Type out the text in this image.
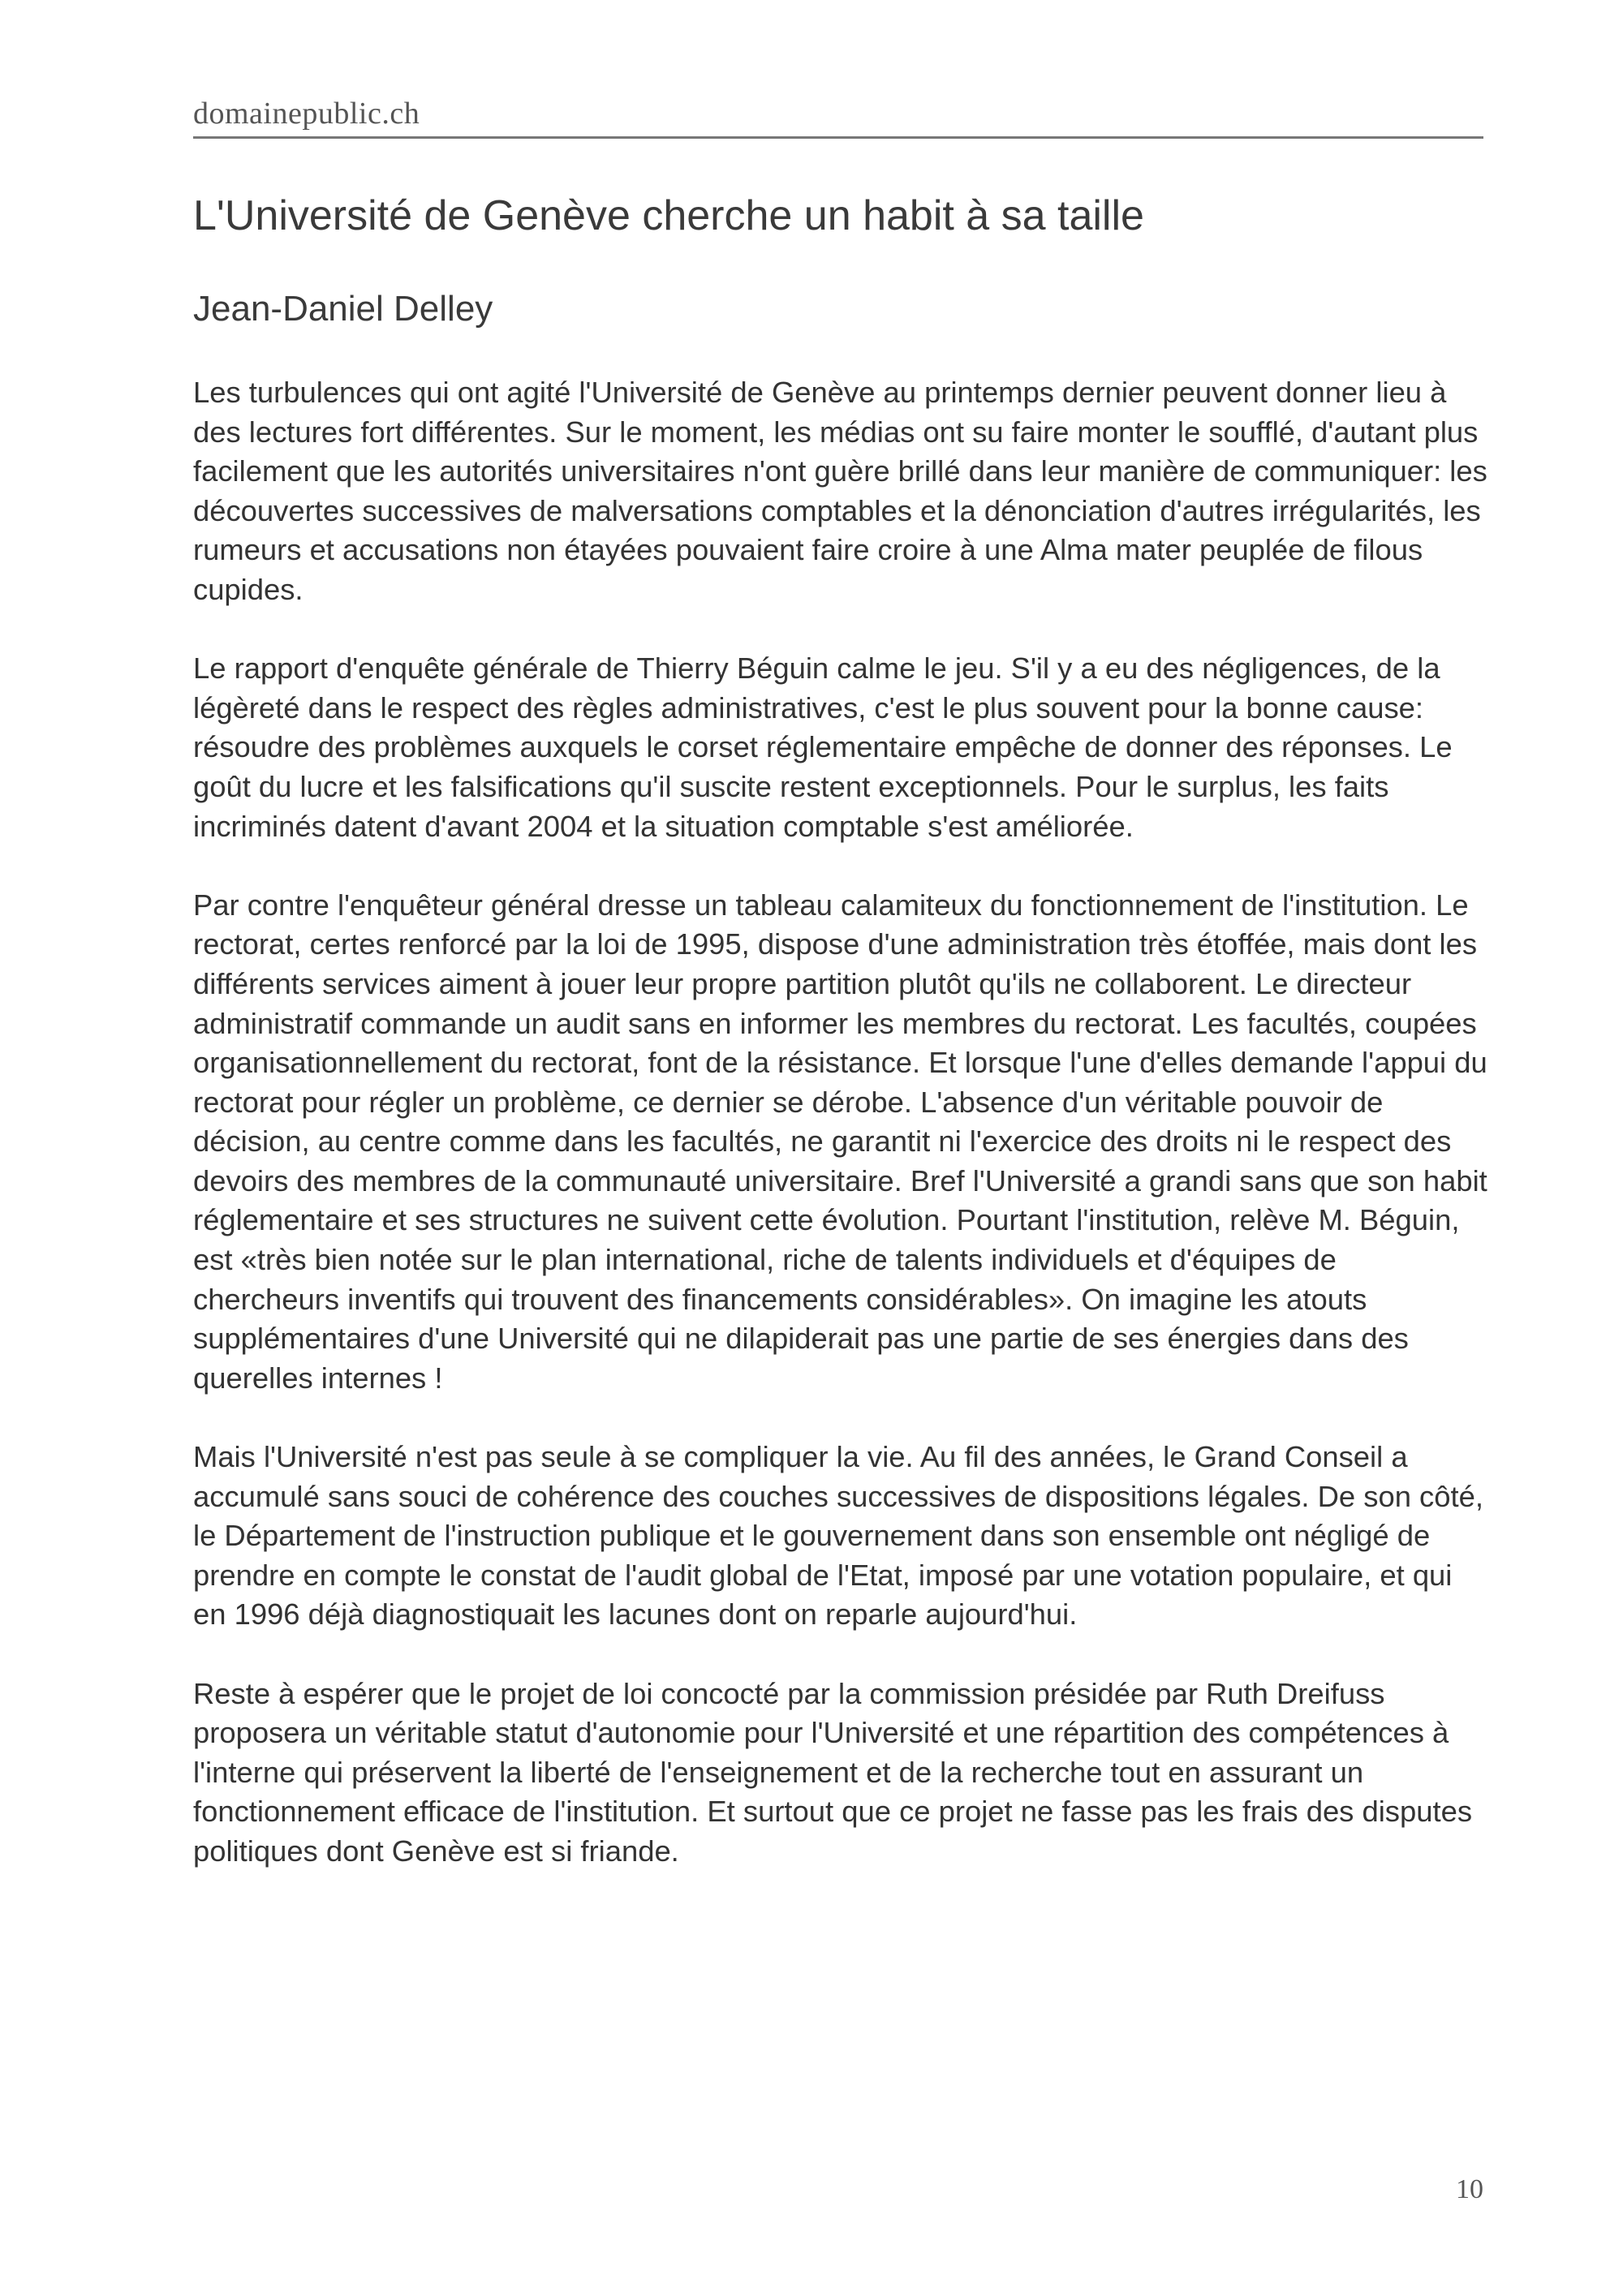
domainepublic.ch
L'Université de Genève cherche un habit à sa taille
Jean-Daniel Delley

Les turbulences qui ont agité l'Université de Genève au printemps dernier peuvent donner lieu à des lectures fort différentes. Sur le moment, les médias ont su faire monter le soufflé, d'autant plus facilement que les autorités universitaires n'ont guère brillé dans leur manière de communiquer: les découvertes successives de malversations comptables et la dénonciation d'autres irrégularités, les rumeurs et accusations non étayées pouvaient faire croire à une Alma mater peuplée de filous cupides.

Le rapport d'enquête générale de Thierry Béguin calme le jeu. S'il y a eu des négligences, de la légèreté dans le respect des règles administratives, c'est le plus souvent pour la bonne cause: résoudre des problèmes auxquels le corset réglementaire empêche de donner des réponses. Le goût du lucre et les falsifications qu'il suscite restent exceptionnels. Pour le surplus, les faits incriminés datent d'avant 2004 et la situation comptable s'est améliorée.

Par contre l'enquêteur général dresse un tableau calamiteux du fonctionnement de l'institution. Le rectorat, certes renforcé par la loi de 1995, dispose d'une administration très étoffée, mais dont les différents services aiment à jouer leur propre partition plutôt qu'ils ne collaborent. Le directeur administratif commande un audit sans en informer les membres du rectorat. Les facultés, coupées organisationnellement du rectorat, font de la résistance. Et lorsque l'une d'elles demande l'appui du rectorat pour régler un problème, ce dernier se dérobe. L'absence d'un véritable pouvoir de décision, au centre comme dans les facultés, ne garantit ni l'exercice des droits ni le respect des devoirs des membres de la communauté universitaire. Bref l'Université a grandi sans que son habit réglementaire et ses structures ne suivent cette évolution. Pourtant l'institution, relève M. Béguin, est «très bien notée sur le plan international, riche de talents individuels et d'équipes de chercheurs inventifs qui trouvent des financements considérables». On imagine les atouts supplémentaires d'une Université qui ne dilapiderait pas une partie de ses énergies dans des querelles internes !

Mais l'Université n'est pas seule à se compliquer la vie. Au fil des années, le Grand Conseil a accumulé sans souci de cohérence des couches successives de dispositions légales. De son côté, le Département de l'instruction publique et le gouvernement dans son ensemble ont négligé de prendre en compte le constat de l'audit global de l'Etat, imposé par une votation populaire, et qui en 1996 déjà diagnostiquait les lacunes dont on reparle aujourd'hui.

Reste à espérer que le projet de loi concocté par la commission présidée par Ruth Dreifuss proposera un véritable statut d'autonomie pour l'Université et une répartition des compétences à l'interne qui préservent la liberté de l'enseignement et de la recherche tout en assurant un fonctionnement efficace de l'institution. Et surtout que ce projet ne fasse pas les frais des disputes politiques dont Genève est si friande.

10
